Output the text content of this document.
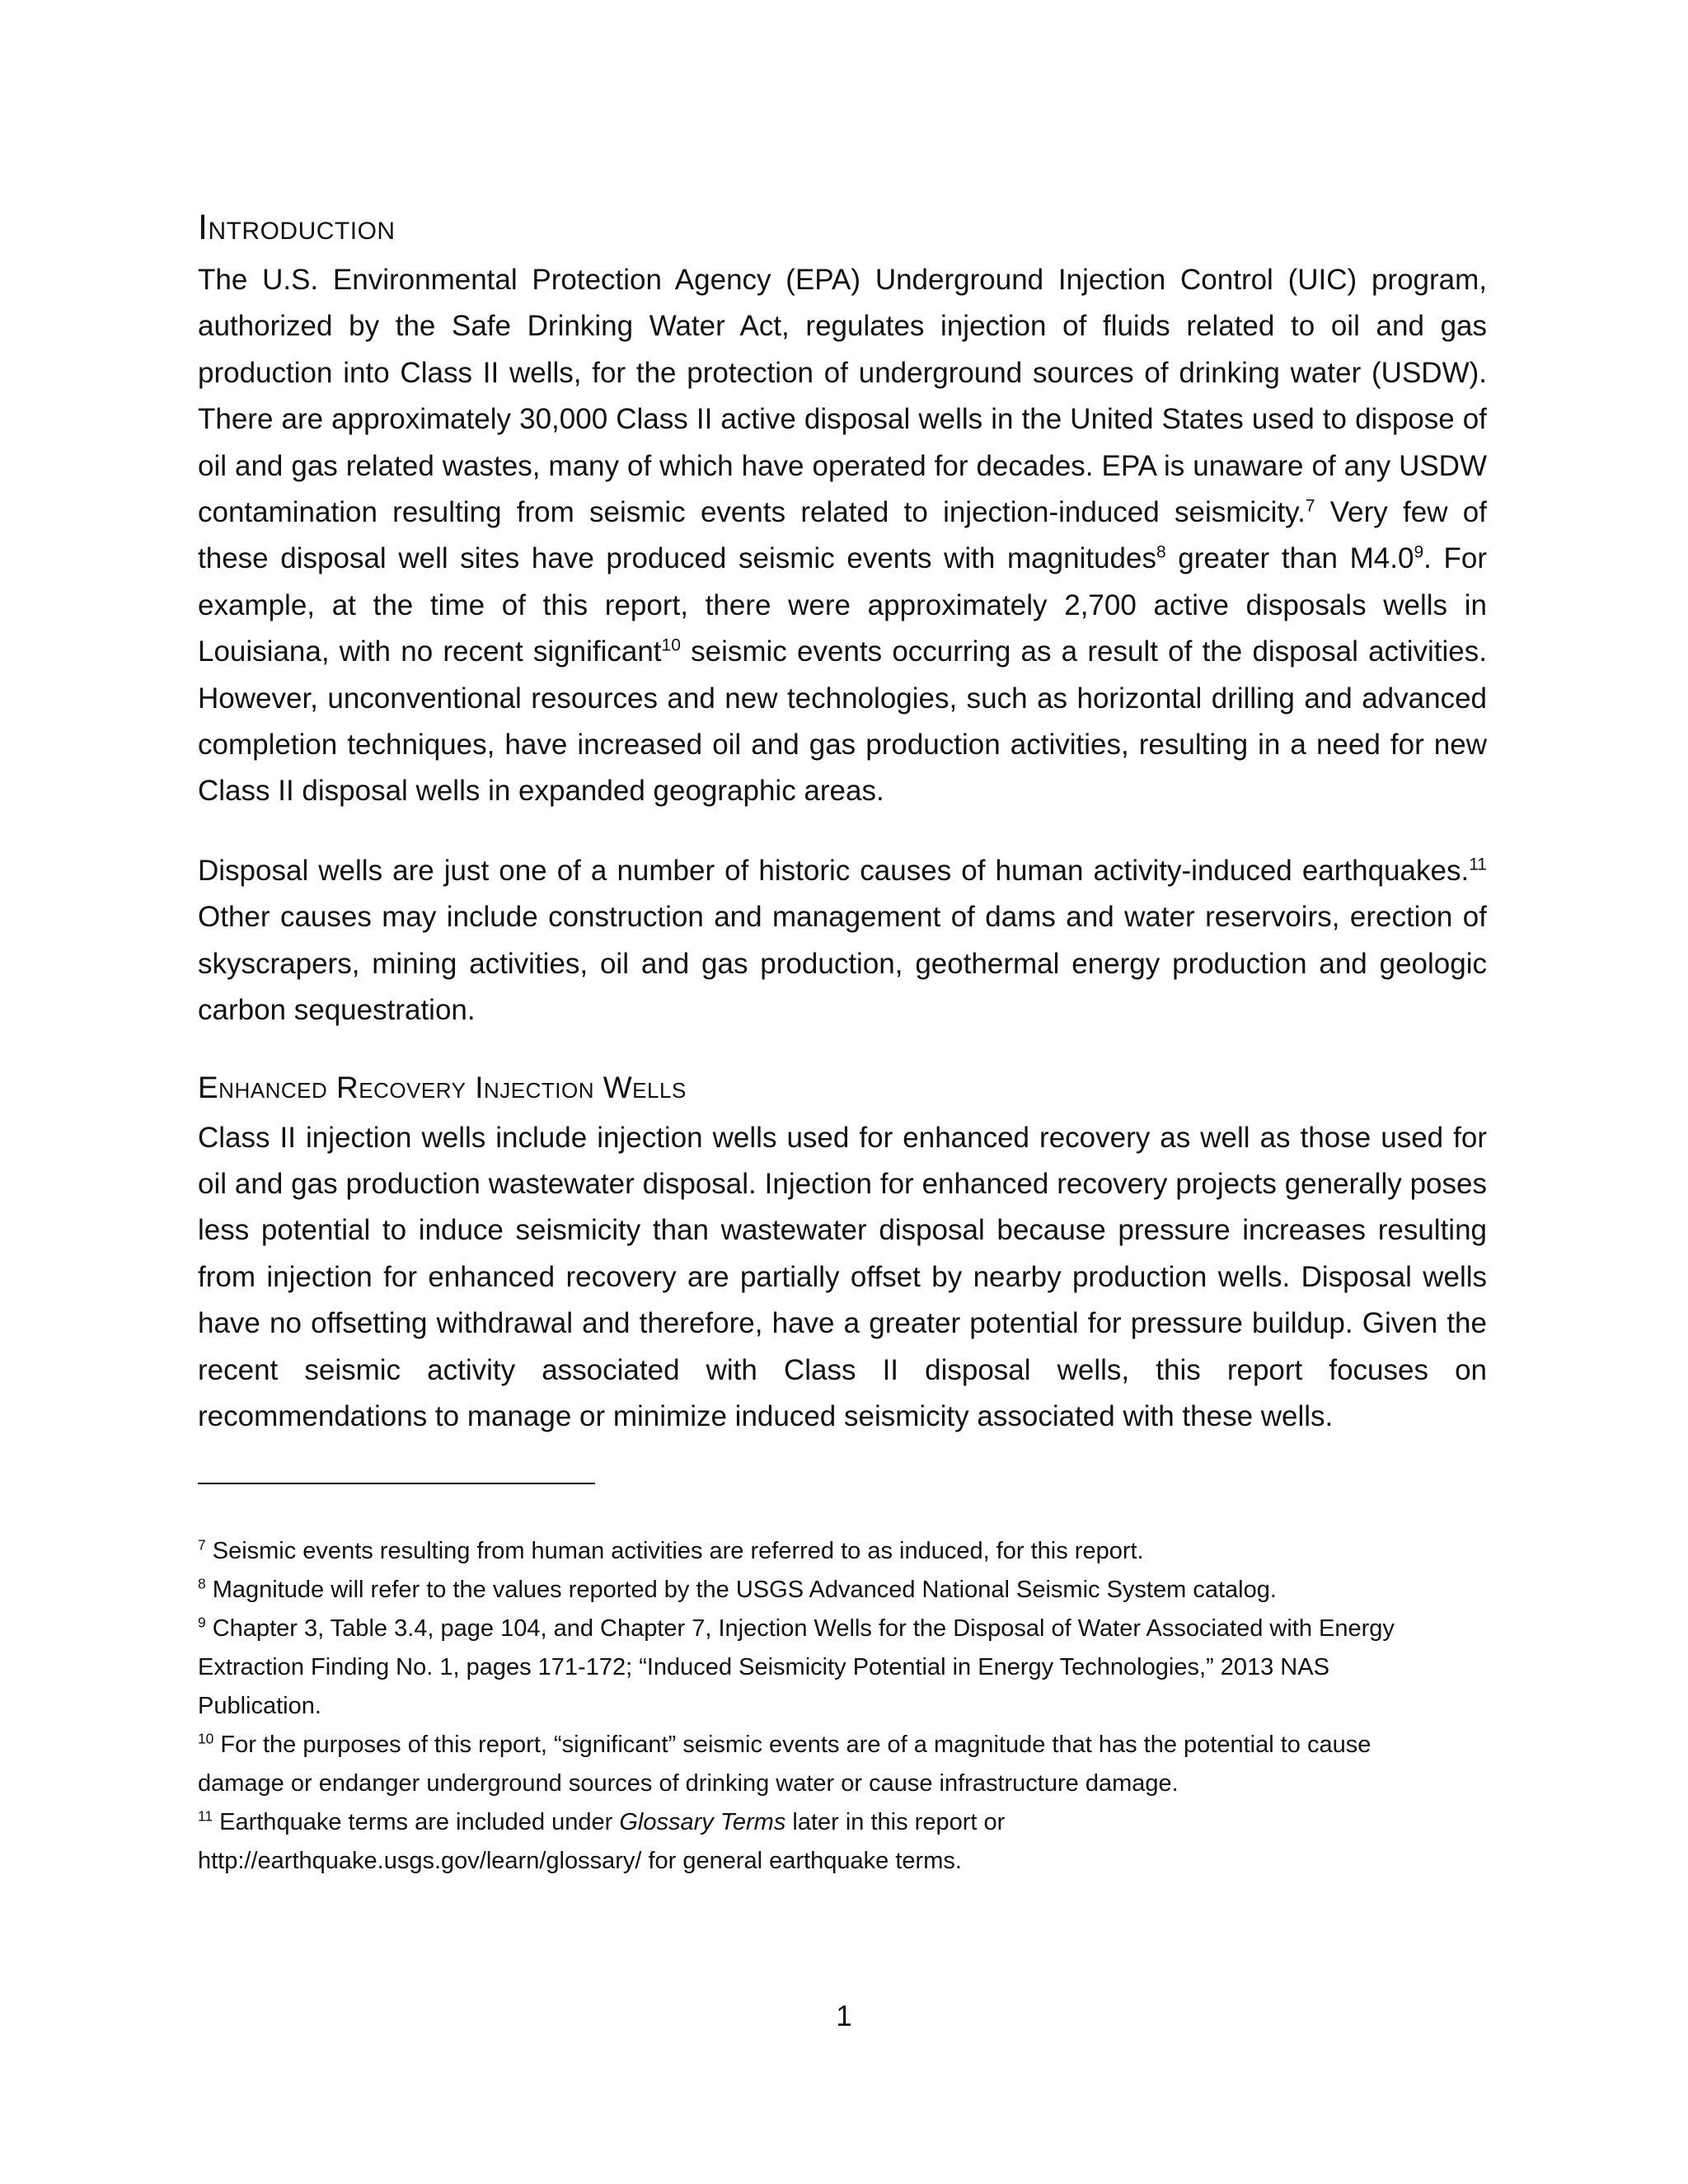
Introduction

The U.S. Environmental Protection Agency (EPA) Underground Injection Control (UIC) program, authorized by the Safe Drinking Water Act, regulates injection of fluids related to oil and gas production into Class II wells, for the protection of underground sources of drinking water (USDW). There are approximately 30,000 Class II active disposal wells in the United States used to dispose of oil and gas related wastes, many of which have operated for decades. EPA is unaware of any USDW contamination resulting from seismic events related to injection-induced seismicity.$^7$ Very few of these disposal well sites have produced seismic events with magnitudes$^8$ greater than $M4.0^9$. For example, at the time of this report, there were approximately 2,700 active disposals wells in Louisiana, with no recent significant$^{10}$ seismic events occurring as a result of the disposal activities. However, unconventional resources and new technologies, such as horizontal drilling and advanced completion techniques, have increased oil and gas production activities, resulting in a need for new Class II disposal wells in expanded geographic areas.

Disposal wells are just one of a number of historic causes of human activity-induced earthquakes.$^{11}$ Other causes may include construction and management of dams and water reservoirs, erection of skyscrapers, mining activities, oil and gas production, geothermal energy production and geologic carbon sequestration.

Enhanced Recovery Injection Wells

Class II injection wells include injection wells used for enhanced recovery as well as those used for oil and gas production wastewater disposal. Injection for enhanced recovery projects generally poses less potential to induce seismicity than wastewater disposal because pressure increases resulting from injection for enhanced recovery are partially offset by nearby production wells. Disposal wells have no offsetting withdrawal and therefore, have a greater potential for pressure buildup. Given the recent seismic activity associated with Class II disposal wells, this report focuses on recommendations to manage or minimize induced seismicity associated with these wells.

$^7$ Seismic events resulting from human activities are referred to as induced, for this report.

$^8$ Magnitude will refer to the values reported by the USGS Advanced National Seismic System catalog.

$^9$ Chapter 3, Table 3.4, page 104, and Chapter 7, Injection Wells for the Disposal of Water Associated with Energy Extraction Finding No. 1, pages 171-172; “Induced Seismicity Potential in Energy Technologies,” 2013 NAS Publication.

$^{10}$ For the purposes of this report, “significant” seismic events are of a magnitude that has the potential to cause damage or endanger underground sources of drinking water or cause infrastructure damage.

$^{11}$ Earthquake terms are included under Glossary Terms later in this report or
http://earthquake.usgs.gov/learn/glossary/ for general earthquake terms.

1
